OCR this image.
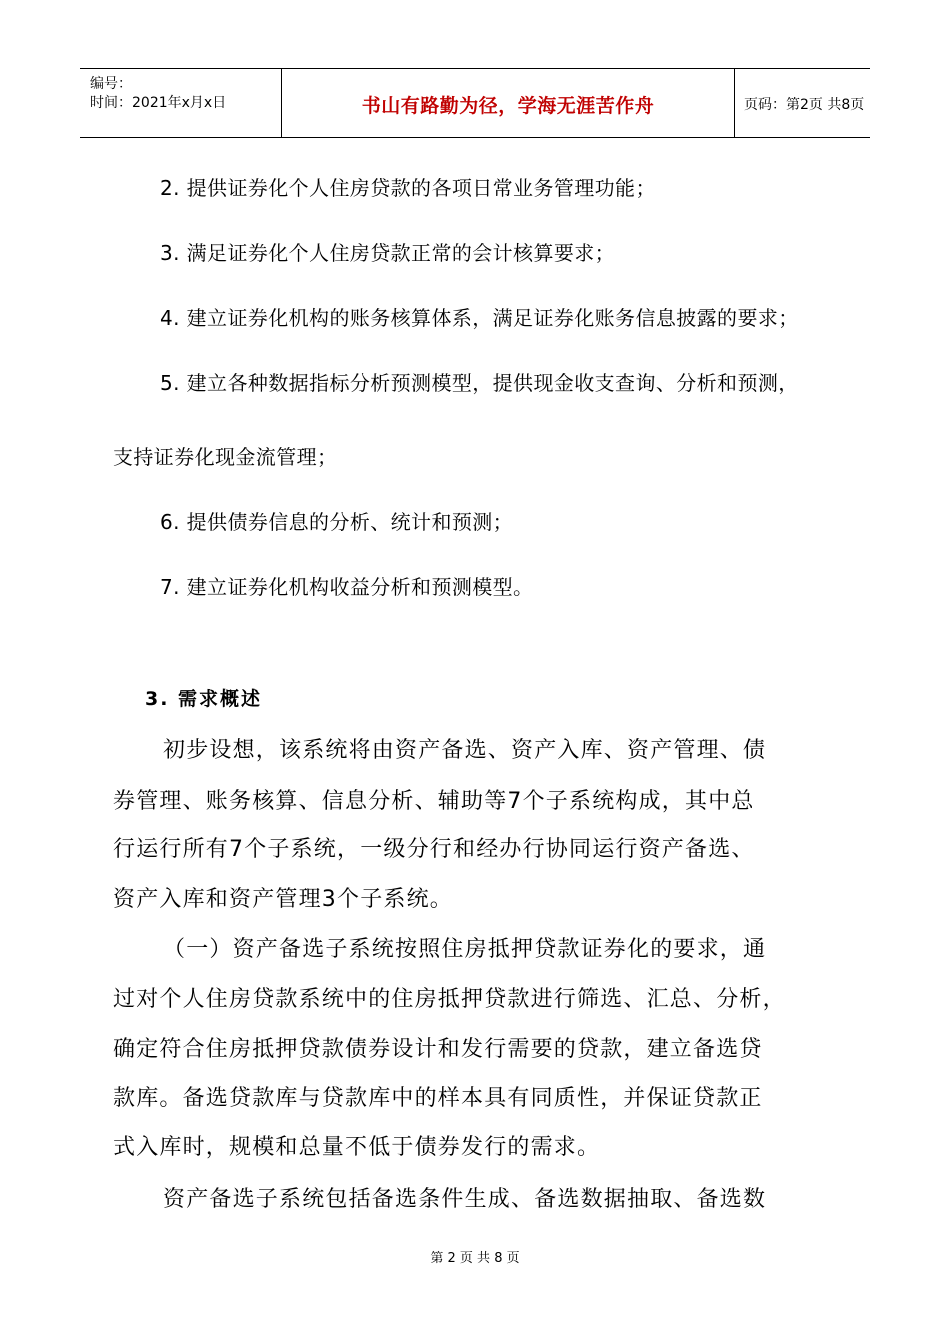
编号：
时间：2021年x月x日	书山有路勤为径，学海无涯苦作舟	页码：第2页 共8页
2. 提供证券化个人住房贷款的各项日常业务管理功能；
3. 满足证券化个人住房贷款正常的会计核算要求；
4. 建立证券化机构的账务核算体系，满足证券化账务信息披露的要求；
5. 建立各种数据指标分析预测模型，提供现金收支查询、分析和预测，
支持证券化现金流管理；
6. 提供债券信息的分析、统计和预测；
7. 建立证券化机构收益分析和预测模型。
3. 需求概述
初步设想，该系统将由资产备选、资产入库、资产管理、债
券管理、账务核算、信息分析、辅助等7个子系统构成，其中总
行运行所有7个子系统，一级分行和经办行协同运行资产备选、
资产入库和资产管理3个子系统。
（一）资产备选子系统按照住房抵押贷款证券化的要求，通
过对个人住房贷款系统中的住房抵押贷款进行筛选、汇总、分析，
确定符合住房抵押贷款债券设计和发行需要的贷款，建立备选贷
款库。备选贷款库与贷款库中的样本具有同质性，并保证贷款正
式入库时，规模和总量不低于债券发行的需求。
资产备选子系统包括备选条件生成、备选数据抽取、备选数
第 2 页 共 8 页
